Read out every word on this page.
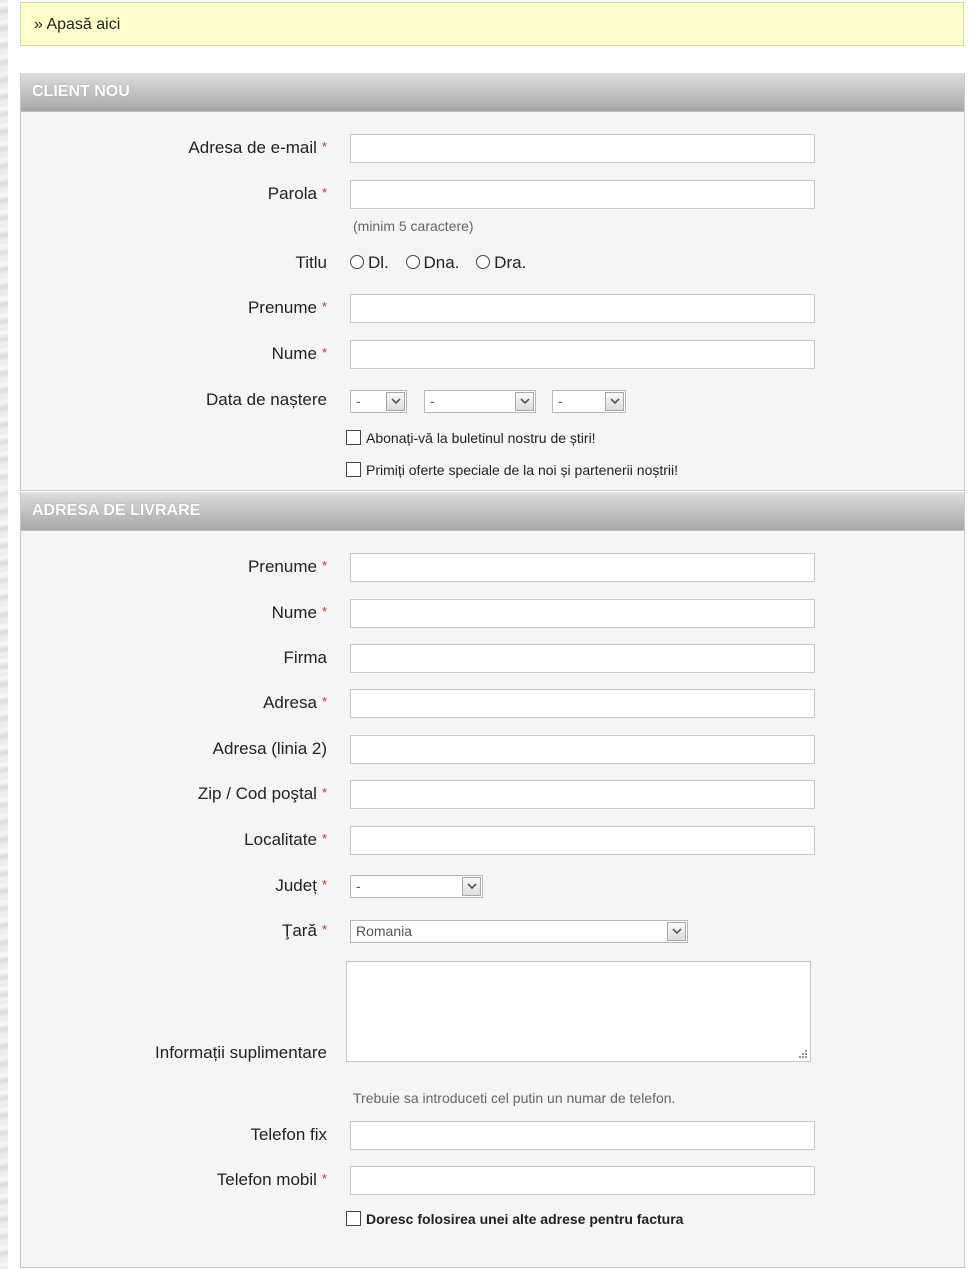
» Apasă aici
CLIENT NOU
Adresa de e-mail *
Parola *
(minim 5 caractere)
Titlu	Dl. Dna. Dra.
Prenume *
Nume *
Data de naștere	-	-	-
Abonați-vă la buletinul nostru de știri!
Primiți oferte speciale de la noi și partenerii noștrii!
ADRESA DE LIVRARE
Prenume *
Nume *
Firma
Adresa *
Adresa (linia 2)
Zip / Cod poştal *
Localitate *
Județ *	-
Ţară *	Romania
Informații suplimentare
Trebuie sa introduceti cel putin un numar de telefon.
Telefon fix
Telefon mobil *
Doresc folosirea unei alte adrese pentru factura
